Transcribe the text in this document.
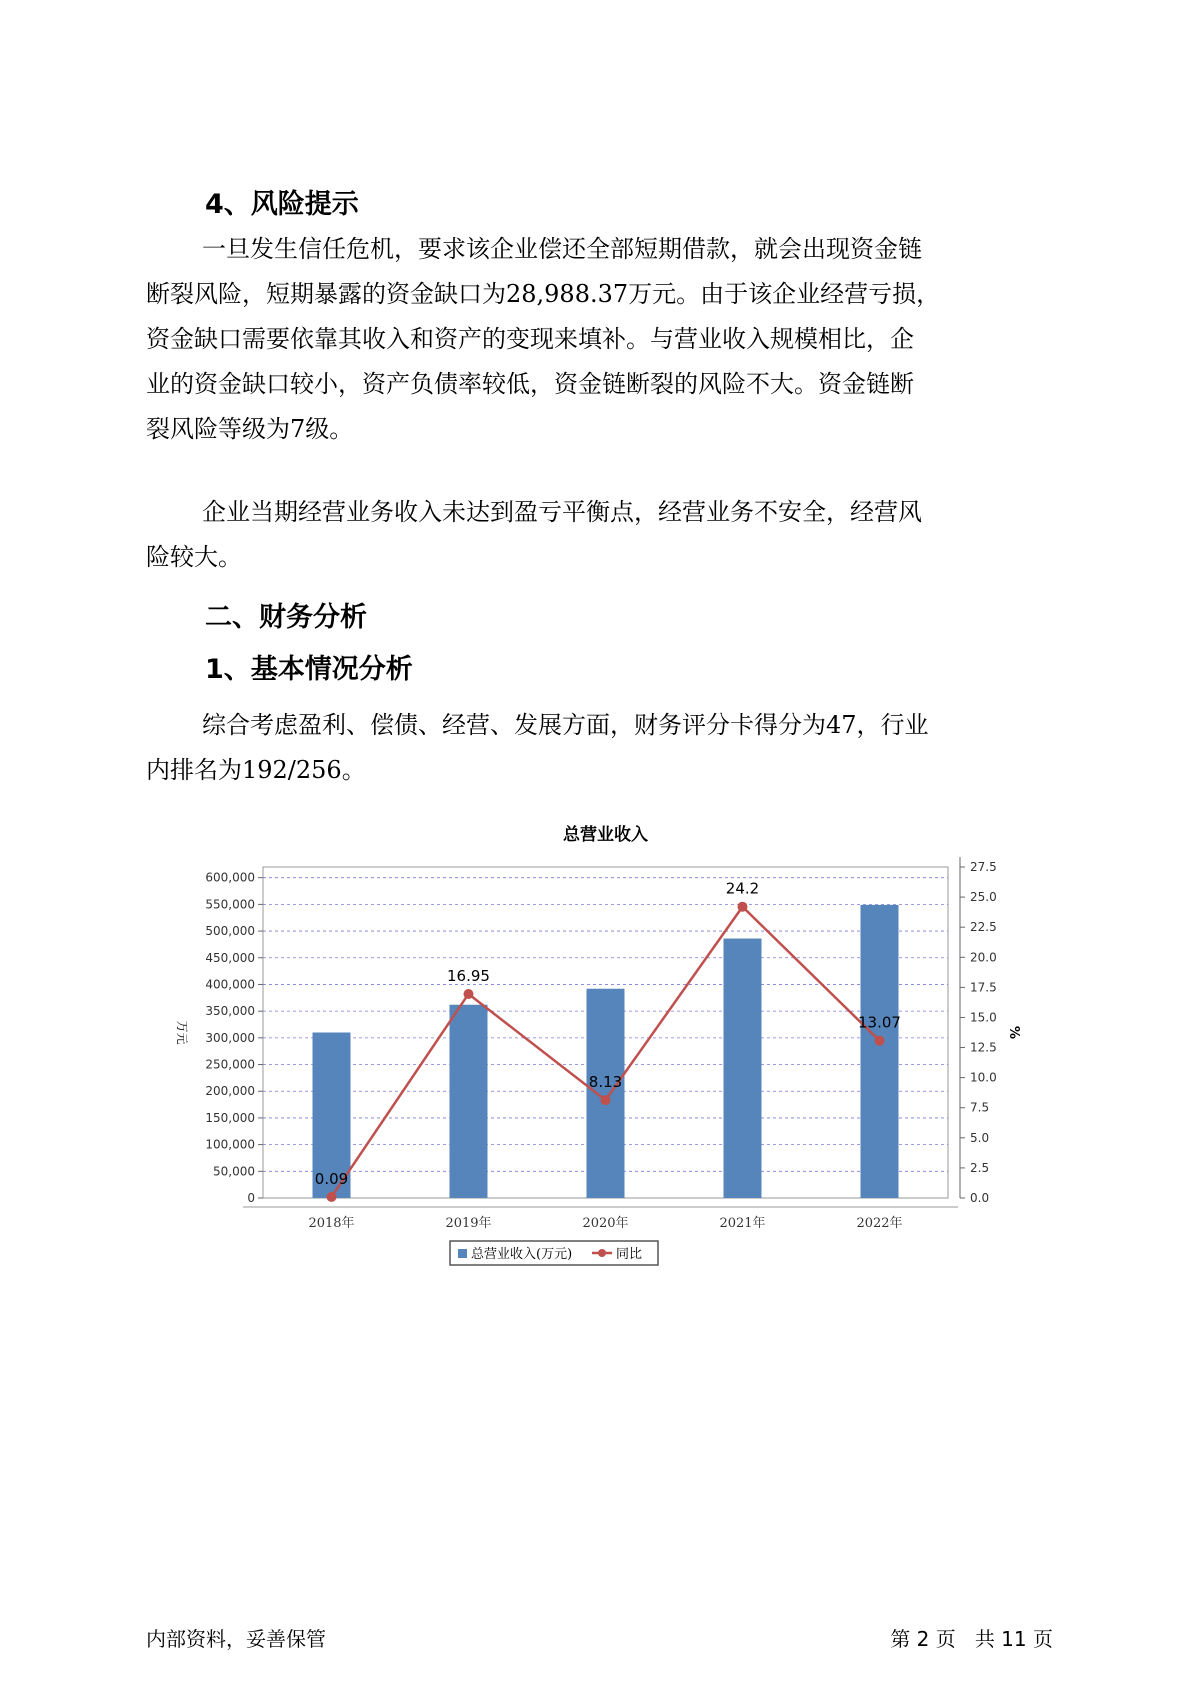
4、风险提示
一旦发生信任危机，要求该企业偿还全部短期借款，就会出现资金链
断裂风险，短期暴露的资金缺口为28,988.37万元。由于该企业经营亏损，
资金缺口需要依靠其收入和资产的变现来填补。与营业收入规模相比，企
业的资金缺口较小，资产负债率较低，资金链断裂的风险不大。资金链断
裂风险等级为7级。
企业当期经营业务收入未达到盈亏平衡点，经营业务不安全，经营风
险较大。
二、财务分析
1、基本情况分析
综合考虑盈利、偿债、经营、发展方面，财务评分卡得分为47，行业
内排名为192/256。
总营业收入
0
50,000
100,000
150,000
200,000
250,000
300,000
350,000
400,000
450,000
500,000
550,000
600,000
0.0
2.5
5.0
7.5
10.0
12.5
15.0
17.5
20.0
22.5
25.0
27.5
万元	%
2018年	2019年	2020年	2021年	2022年
0.09
16.95
8.13
24.2
13.07
总营业收入(万元)	同比
内部资料，妥善保管	第 2 页   共 11 页
